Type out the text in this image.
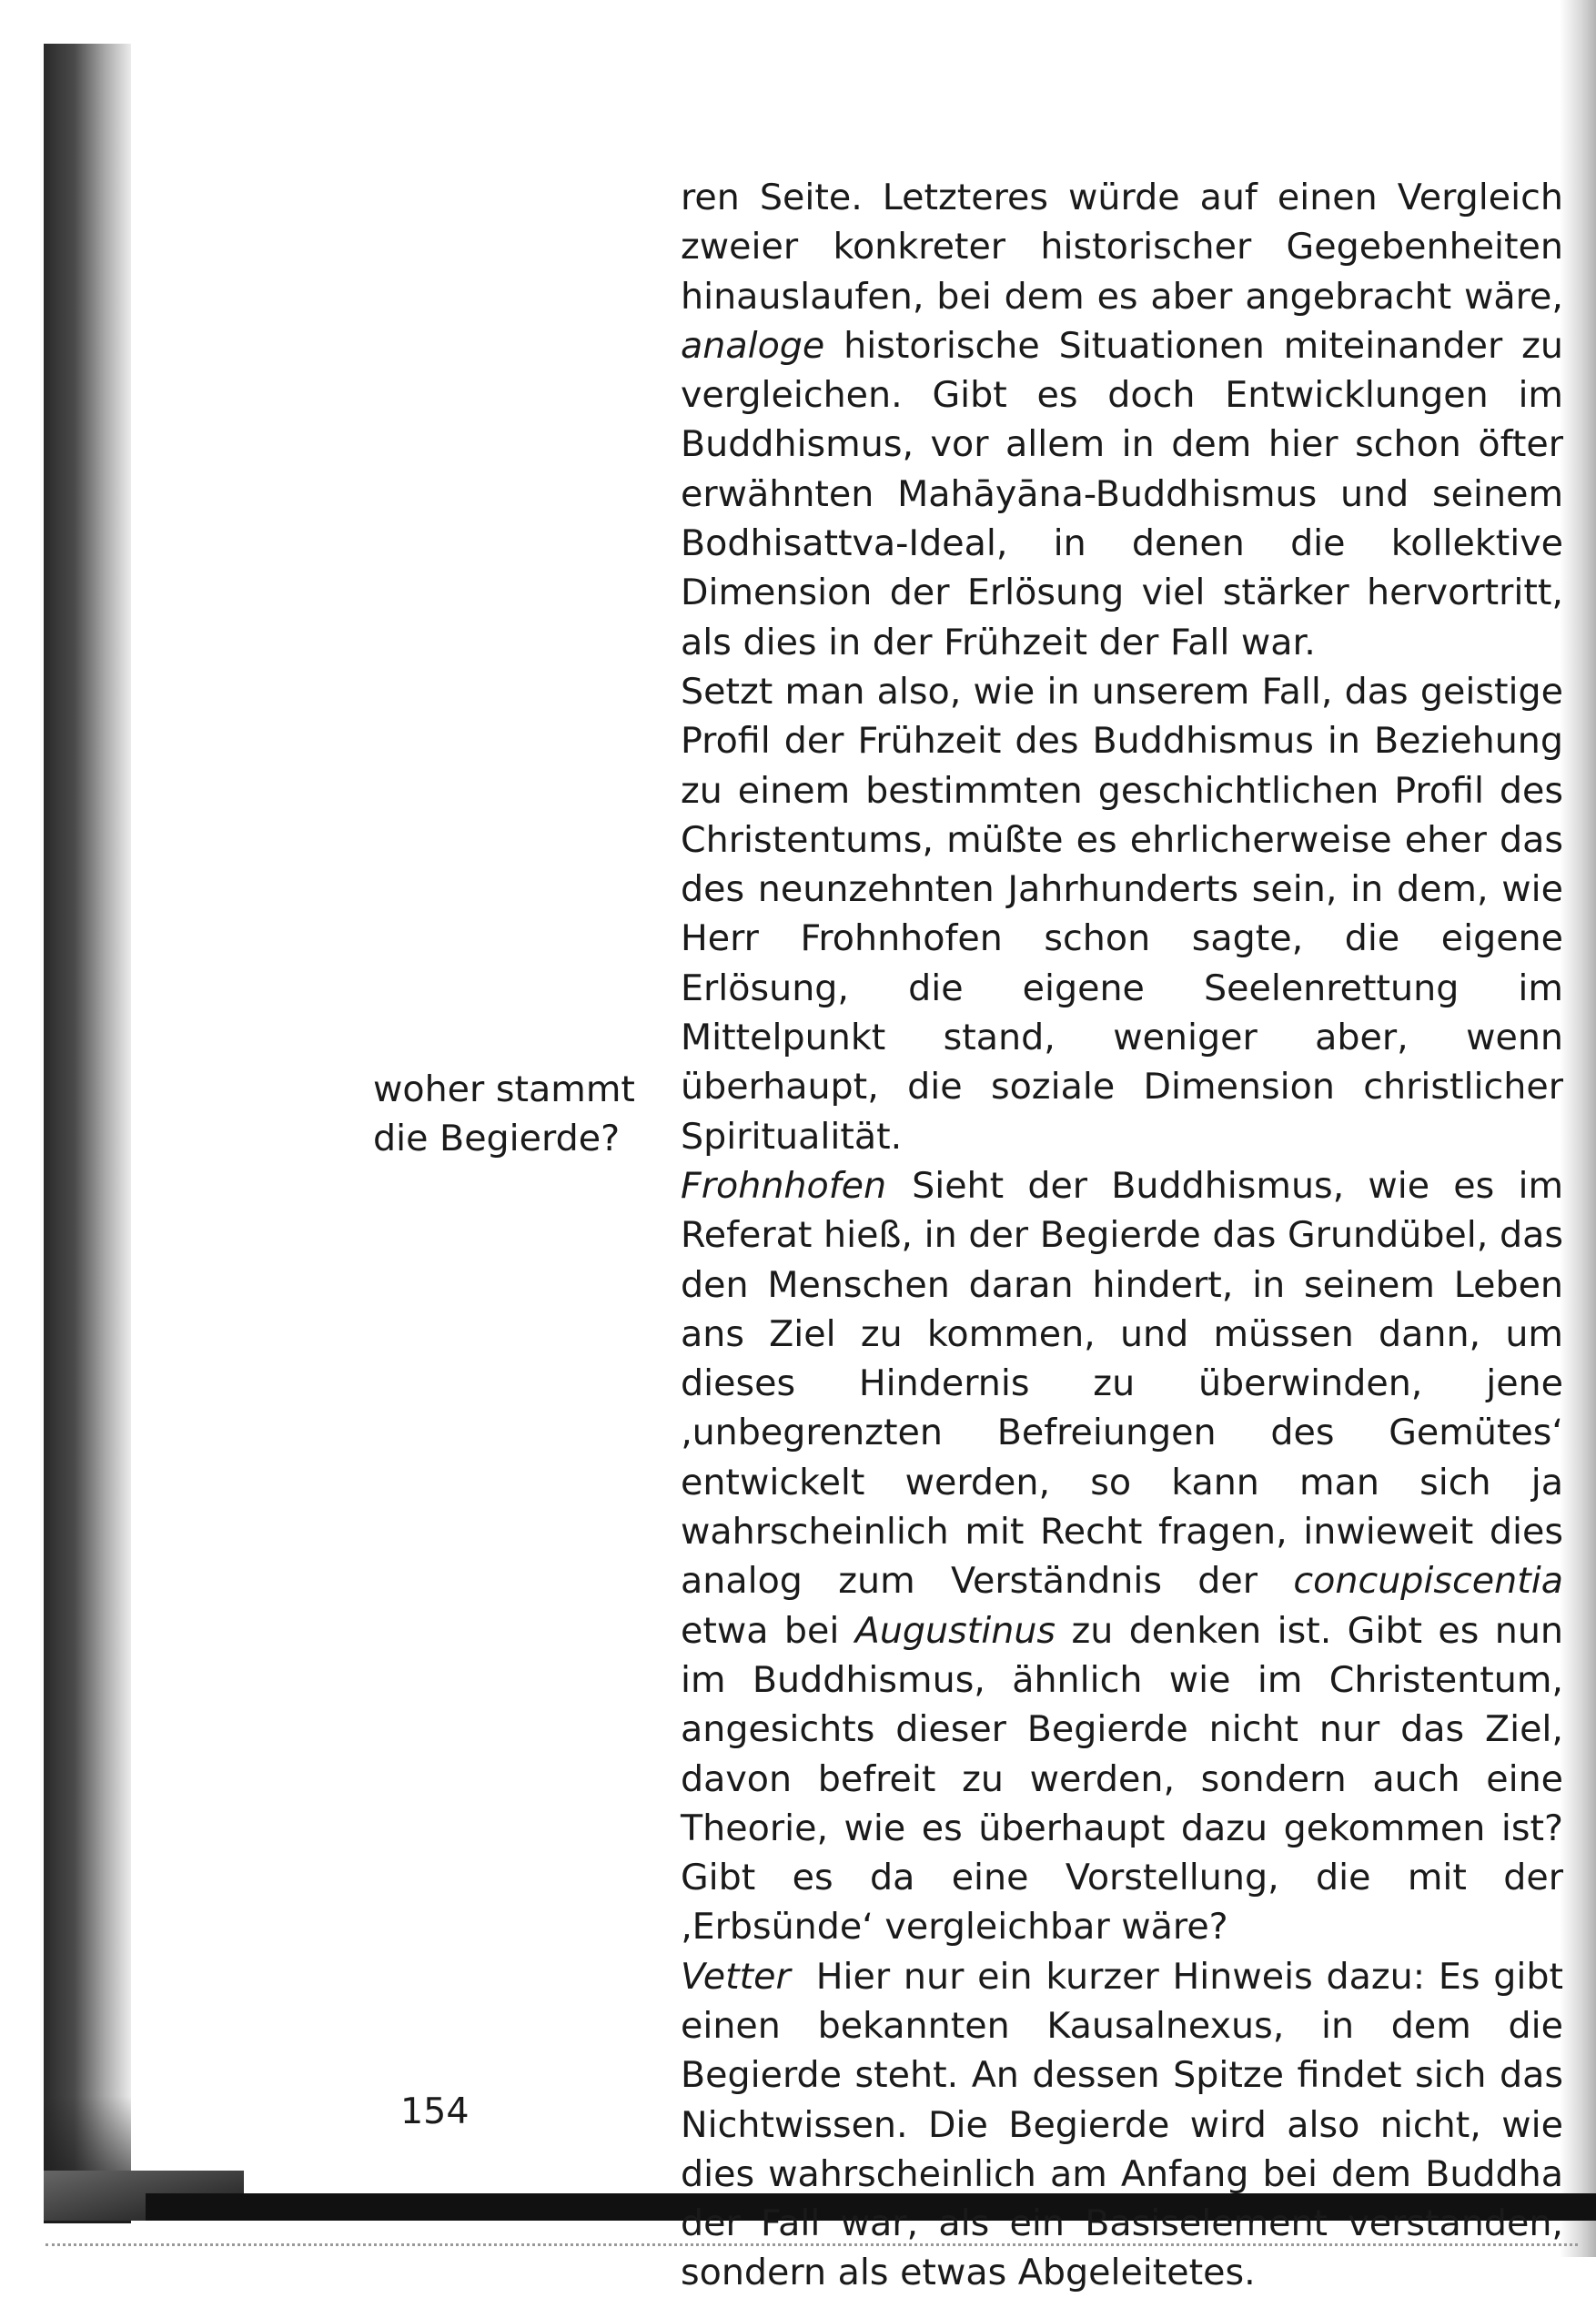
woher stammt
die Begierde?

ren Seite. Letzteres würde auf einen Vergleich zweier konkreter historischer Gegebenheiten hinauslaufen, bei dem es aber angebracht wäre, analoge historische Situationen miteinander zu vergleichen. Gibt es doch Entwicklungen im Buddhismus, vor allem in dem hier schon öfter erwähnten Mahāyāna-Buddhismus und seinem Bodhisattva-Ideal, in denen die kollektive Dimension der Erlösung viel stärker hervortritt, als dies in der Frühzeit der Fall war.

Setzt man also, wie in unserem Fall, das geistige Profil der Frühzeit des Buddhismus in Beziehung zu einem bestimmten geschichtlichen Profil des Christentums, müßte es ehrlicherweise eher das des neunzehnten Jahrhunderts sein, in dem, wie Herr Frohnhofen schon sagte, die eigene Erlösung, die eigene Seelenrettung im Mittelpunkt stand, weniger aber, wenn überhaupt, die soziale Dimension christlicher Spiritualität.

Frohnhofen Sieht der Buddhismus, wie es im Referat hieß, in der Begierde das Grundübel, das den Menschen daran hindert, in seinem Leben ans Ziel zu kommen, und müssen dann, um dieses Hindernis zu überwinden, jene ‚unbegrenzten Befreiungen des Gemütes‘ entwickelt werden, so kann man sich ja wahrscheinlich mit Recht fragen, inwieweit dies analog zum Verständnis der concupiscentia etwa bei Augustinus zu denken ist. Gibt es nun im Buddhismus, ähnlich wie im Christentum, angesichts dieser Begierde nicht nur das Ziel, davon befreit zu werden, sondern auch eine Theorie, wie es überhaupt dazu gekommen ist? Gibt es da eine Vorstellung, die mit der ‚Erbsünde‘ vergleichbar wäre?

Vetter Hier nur ein kurzer Hinweis dazu: Es gibt einen bekannten Kausalnexus, in dem die Begierde steht. An dessen Spitze findet sich das Nichtwissen. Die Begierde wird also nicht, wie dies wahrscheinlich am Anfang bei dem Buddha der Fall war, als ein Basiselement verstanden, sondern als etwas Abgeleitetes.

154
